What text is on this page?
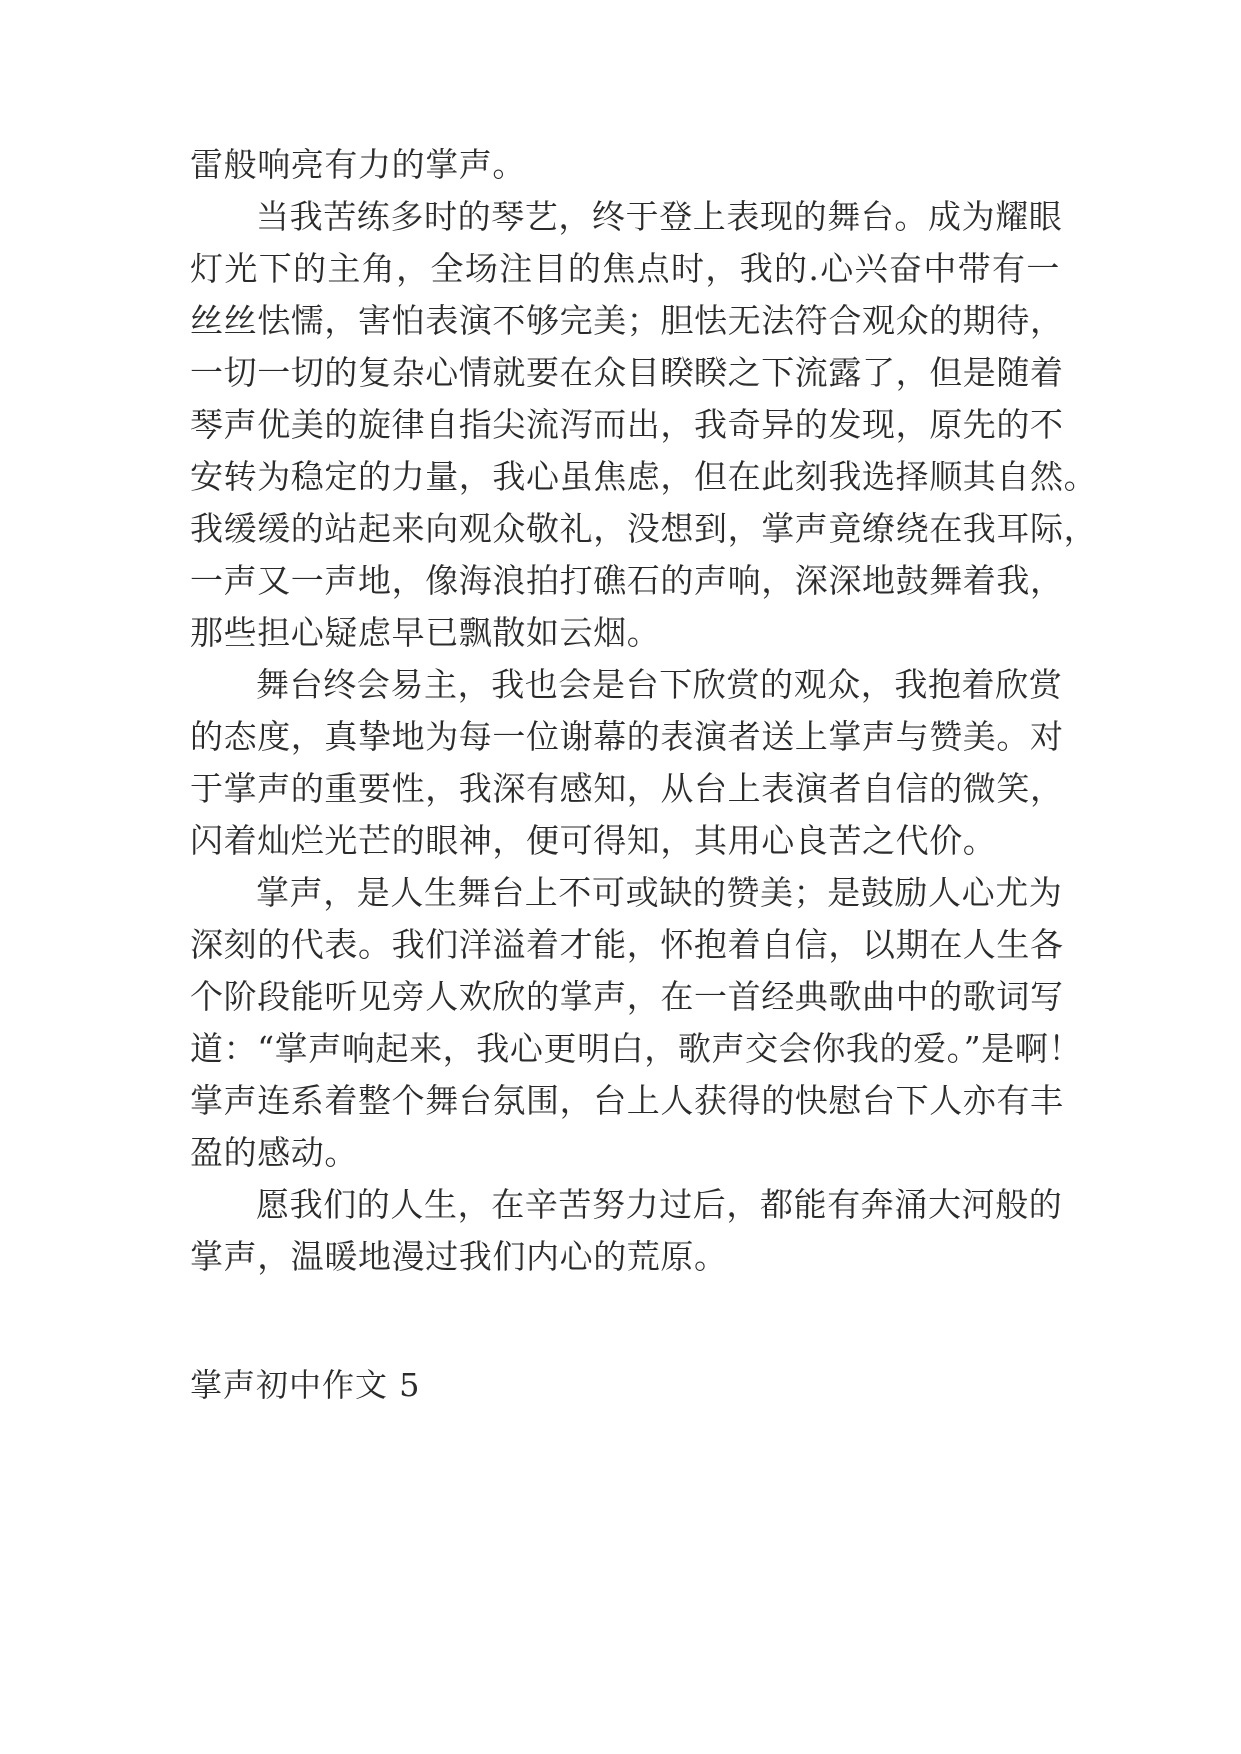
雷般响亮有力的掌声。
当我苦练多时的琴艺，终于登上表现的舞台。成为耀眼
灯光下的主角，全场注目的焦点时，我的.心兴奋中带有一
丝丝怯懦，害怕表演不够完美；胆怯无法符合观众的期待，
一切一切的复杂心情就要在众目睽睽之下流露了，但是随着
琴声优美的旋律自指尖流泻而出，我奇异的发现，原先的不
安转为稳定的力量，我心虽焦虑，但在此刻我选择顺其自然。
我缓缓的站起来向观众敬礼，没想到，掌声竟缭绕在我耳际，
一声又一声地，像海浪拍打礁石的声响，深深地鼓舞着我，
那些担心疑虑早已飘散如云烟。
舞台终会易主，我也会是台下欣赏的观众，我抱着欣赏
的态度，真挚地为每一位谢幕的表演者送上掌声与赞美。对
于掌声的重要性，我深有感知，从台上表演者自信的微笑，
闪着灿烂光芒的眼神，便可得知，其用心良苦之代价。
掌声，是人生舞台上不可或缺的赞美；是鼓励人心尤为
深刻的代表。我们洋溢着才能，怀抱着自信，以期在人生各
个阶段能听见旁人欢欣的掌声，在一首经典歌曲中的歌词写
道：“掌声响起来，我心更明白，歌声交会你我的爱。”是啊！
掌声连系着整个舞台氛围，台上人获得的快慰台下人亦有丰
盈的感动。
愿我们的人生，在辛苦努力过后，都能有奔涌大河般的
掌声，温暖地漫过我们内心的荒原。
掌声初中作文 5
